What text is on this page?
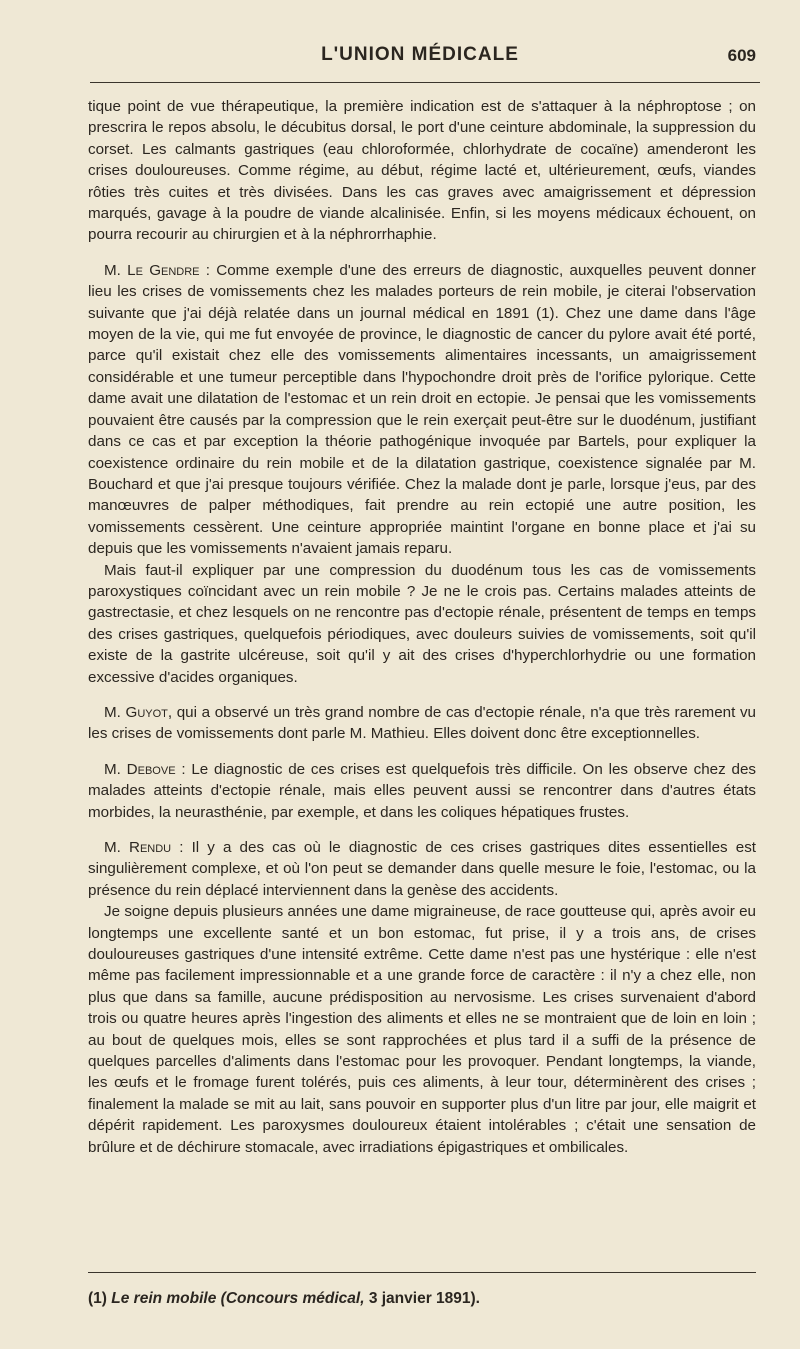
L'UNION MÉDICALE	609

tique point de vue thérapeutique, la première indication est de s'attaquer à la néphroptose ; on prescrira le repos absolu, le décubitus dorsal, le port d'une ceinture abdominale, la suppression du corset. Les calmants gastriques (eau chloroformée, chlorhydrate de cocaïne) amenderont les crises douloureuses. Comme régime, au début, régime lacté et, ultérieurement, œufs, viandes rôties très cuites et très divisées. Dans les cas graves avec amaigrissement et dépression marqués, gavage à la poudre de viande alcalinisée. Enfin, si les moyens médicaux échouent, on pourra recourir au chirurgien et à la néphrorrhaphie.

M. Le Gendre : Comme exemple d'une des erreurs de diagnostic, auxquelles peuvent donner lieu les crises de vomissements chez les malades porteurs de rein mobile, je citerai l'observation suivante que j'ai déjà relatée dans un journal médical en 1891 (1). Chez une dame dans l'âge moyen de la vie, qui me fut envoyée de province, le diagnostic de cancer du pylore avait été porté, parce qu'il existait chez elle des vomissements alimentaires incessants, un amaigrissement considérable et une tumeur perceptible dans l'hypochondre droit près de l'orifice pylorique. Cette dame avait une dilatation de l'estomac et un rein droit en ectopie. Je pensai que les vomissements pouvaient être causés par la compression que le rein exerçait peut-être sur le duodénum, justifiant dans ce cas et par exception la théorie pathogénique invoquée par Bartels, pour expliquer la coexistence ordinaire du rein mobile et de la dilatation gastrique, coexistence signalée par M. Bouchard et que j'ai presque toujours vérifiée. Chez la malade dont je parle, lorsque j'eus, par des manœuvres de palper méthodiques, fait prendre au rein ectopié une autre position, les vomissements cessèrent. Une ceinture appropriée maintint l'organe en bonne place et j'ai su depuis que les vomissements n'avaient jamais reparu.

Mais faut-il expliquer par une compression du duodénum tous les cas de vomissements paroxystiques coïncidant avec un rein mobile ? Je ne le crois pas. Certains malades atteints de gastrectasie, et chez lesquels on ne rencontre pas d'ectopie rénale, présentent de temps en temps des crises gastriques, quelquefois périodiques, avec douleurs suivies de vomissements, soit qu'il existe de la gastrite ulcéreuse, soit qu'il y ait des crises d'hyperchlorhydrie ou une formation excessive d'acides organiques.

M. Guyot, qui a observé un très grand nombre de cas d'ectopie rénale, n'a que très rarement vu les crises de vomissements dont parle M. Mathieu. Elles doivent donc être exceptionnelles.

M. Debove : Le diagnostic de ces crises est quelquefois très difficile. On les observe chez des malades atteints d'ectopie rénale, mais elles peuvent aussi se rencontrer dans d'autres états morbides, la neurasthénie, par exemple, et dans les coliques hépatiques frustes.

M. Rendu : Il y a des cas où le diagnostic de ces crises gastriques dites essentielles est singulièrement complexe, et où l'on peut se demander dans quelle mesure le foie, l'estomac, ou la présence du rein déplacé interviennent dans la genèse des accidents.

Je soigne depuis plusieurs années une dame migraineuse, de race goutteuse qui, après avoir eu longtemps une excellente santé et un bon estomac, fut prise, il y a trois ans, de crises douloureuses gastriques d'une intensité extrême. Cette dame n'est pas une hystérique : elle n'est même pas facilement impressionnable et a une grande force de caractère : il n'y a chez elle, non plus que dans sa famille, aucune prédisposition au nervosisme. Les crises survenaient d'abord trois ou quatre heures après l'ingestion des aliments et elles ne se montraient que de loin en loin ; au bout de quelques mois, elles se sont rapprochées et plus tard il a suffi de la présence de quelques parcelles d'aliments dans l'estomac pour les provoquer. Pendant longtemps, la viande, les œufs et le fromage furent tolérés, puis ces aliments, à leur tour, déterminèrent des crises ; finalement la malade se mit au lait, sans pouvoir en supporter plus d'un litre par jour, elle maigrit et dépérit rapidement. Les paroxysmes douloureux étaient intolérables ; c'était une sensation de brûlure et de déchirure stomacale, avec irradiations épigastriques et ombilicales.

(1) Le rein mobile (Concours médical, 3 janvier 1891).
